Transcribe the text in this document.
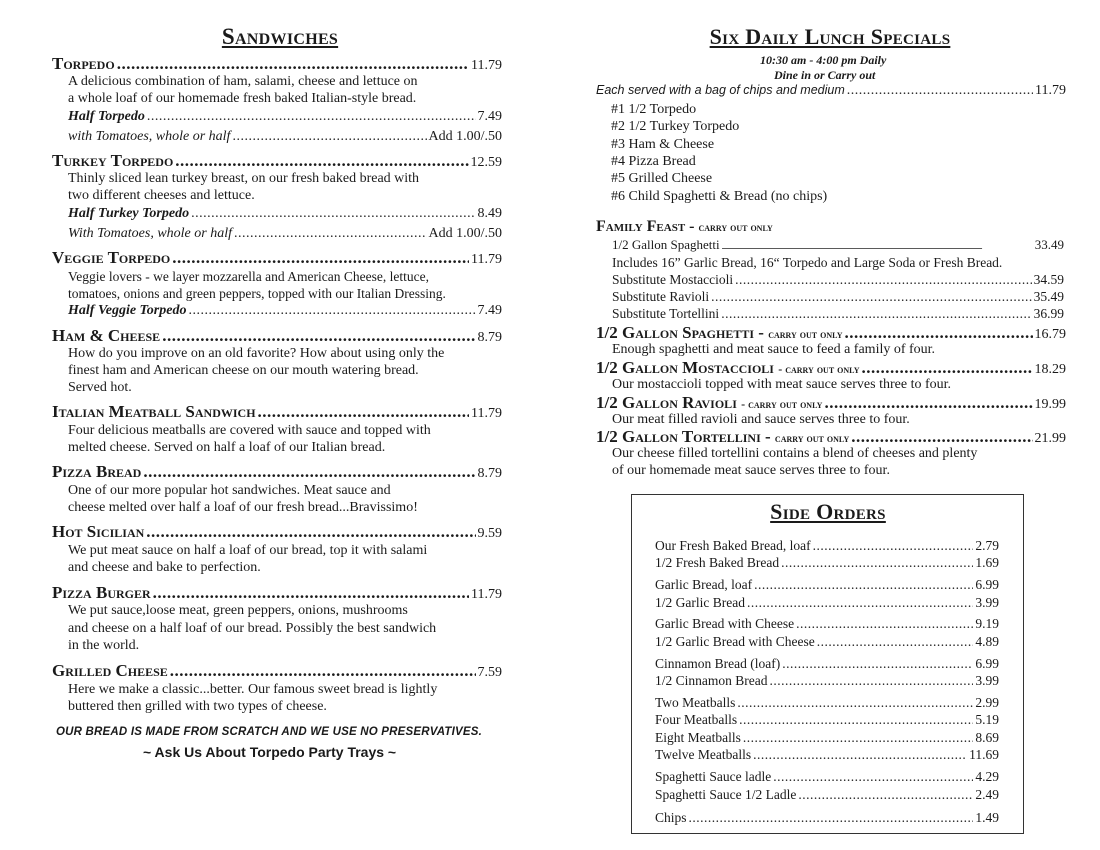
Sandwiches
Torpedo .....	11.79
A delicious combination of ham, salami, cheese and lettuce on
a whole loaf of our homemade fresh baked Italian-style bread.
Half Torpedo .....	7.49
with Tomatoes, whole or half .....	Add 1.00/.50
Turkey Torpedo .....	12.59
Thinly sliced lean turkey breast, on our fresh baked bread with
two different cheeses and lettuce.
Half Turkey Torpedo .....	8.49
With Tomatoes, whole or half .....	Add 1.00/.50
Veggie Torpedo .....	11.79
Veggie lovers - we layer mozzarella and American Cheese, lettuce,
tomatoes, onions and green peppers, topped with our Italian Dressing.
Half Veggie Torpedo .....	7.49
Ham & Cheese .....	8.79
How do you improve on an old favorite? How about using only the
finest ham and American cheese on our mouth watering bread.
Served hot.
Italian Meatball Sandwich .....	11.79
Four delicious meatballs are covered with sauce and topped with
melted cheese. Served on half a loaf of our Italian bread.
Pizza Bread .....	8.79
One of our more popular hot sandwiches. Meat sauce and
cheese melted over half a loaf of our fresh bread...Bravissimo!
Hot Sicilian .....	9.59
We put meat sauce on half a loaf of our bread, top it with salami
and cheese and bake to perfection.
Pizza Burger .....	11.79
We put sauce,loose meat, green peppers, onions, mushrooms
and cheese on a half loaf of our bread. Possibly the best sandwich
in the world.
Grilled Cheese .....	7.59
Here we make a classic...better. Our famous sweet bread is lightly
buttered then grilled with two types of cheese.
OUR BREAD IS MADE FROM SCRATCH AND WE USE NO PRESERVATIVES.
~ Ask Us About Torpedo Party Trays ~
Six Daily Lunch Specials
10:30 am - 4:00 pm Daily
Dine in or Carry out
Each served with a bag of chips and medium .....	11.79
#1 1/2 Torpedo
#2 1/2 Turkey Torpedo
#3 Ham & Cheese
#4 Pizza Bread
#5 Grilled Cheese
#6 Child Spaghetti & Bread (no chips)
Family Feast -
carry out only
1/2 Gallon Spaghetti .....	33.49
Includes 16” Garlic Bread, 16“ Torpedo and Large Soda or Fresh Bread.
Substitute Mostaccioli .....	34.59
Substitute Ravioli .....	35.49
Substitute Tortellini .....	36.99
1/2 Gallon Spaghetti -
carry out only .....	16.79
Enough spaghetti and meat sauce to feed a family of four.
1/2 Gallon Mostaccioli
- carry out only .....	18.29
Our mostaccioli topped with meat sauce serves three to four.
1/2 Gallon Ravioli
- carry out only .....	19.99
Our meat filled ravioli and sauce serves three to four.
1/2 Gallon Tortellini -
carry out only .....	21.99
Our cheese filled tortellini contains a blend of cheeses and plenty
of our homemade meat sauce serves three to four.
Side Orders
Our Fresh Baked Bread, loaf .....	2.79
1/2 Fresh Baked Bread .....	1.69
Garlic Bread, loaf .....	6.99
1/2 Garlic Bread .....	3.99
Garlic Bread with Cheese .....	9.19
1/2 Garlic Bread with Cheese .....	4.89
Cinnamon Bread (loaf) .....	6.99
1/2 Cinnamon Bread .....	3.99
Two Meatballs .....	2.99
Four Meatballs .....	5.19
Eight Meatballs .....	8.69
Twelve Meatballs .....	11.69
Spaghetti Sauce ladle .....	4.29
Spaghetti Sauce 1/2 Ladle .....	2.49
Chips .....	1.49
